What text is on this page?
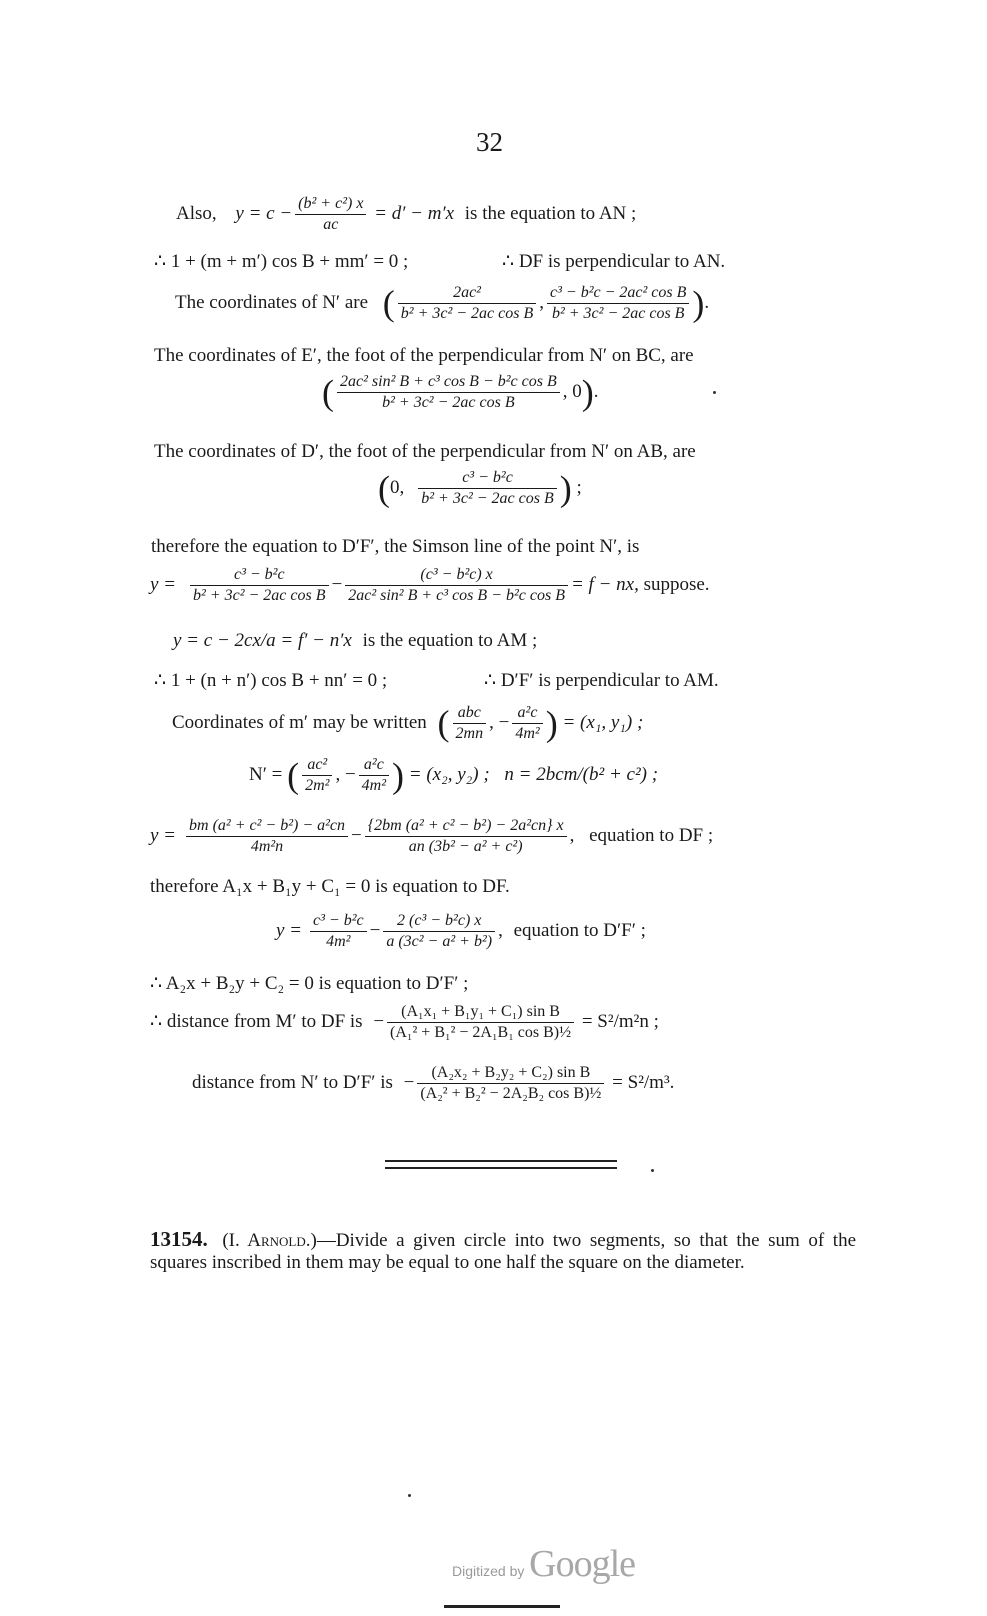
32
Also, $y = c - \frac{\text{(b² + c²) x}}{ac} = d' - m'x$ is the equation to AN ;
∴ 1 + (m + m′) cos B + mm′ = 0 ;	∴ DF is perpendicular to AN.
The coordinates of N′ are ( $\frac{\text{2ac²}}{\text{b² + 3c² − 2ac cos B}}$ , $\frac{\text{c³ − b²c − 2ac² cos B}}{\text{b² + 3c² − 2ac cos B}}$ ).
The coordinates of E′, the foot of the perpendicular from N′ on BC, are
( $\frac{\text{2ac² sin² B + c³ cos B − b²c cos B}}{\text{b² + 3c² − 2ac cos B}}$ , 0).
The coordinates of D′, the foot of the perpendicular from N′ on AB, are
(0, $\frac{\text{c³ − b²c}}{\text{b² + 3c² − 2ac cos B}}$ ) ;
therefore the equation to D′F′, the Simson line of the point N′, is
$y = \frac{\text{c³ − b²c}}{\text{b² + 3c² − 2ac cos B}} - \frac{\text{(c³ − b²c) x}}{\text{2ac² sin² B + c³ cos B − b²c cos B}} = f$ − nx, suppose.
y = c − 2cx/a = f′ − n′x is the equation to AM ;
∴ 1 + (n + n′) cos B + nn′ = 0 ;	∴ D′F′ is perpendicular to AM.
Coordinates of m′ may be written ( $\frac{\text{abc}}{2mn}$ , − $\frac{\text{a²c}}{\text{4m²}}$ ) = (x₁, y₁) ;
N′ = ( $\frac{\text{ac²}}{\text{2m²}}$ , − $\frac{\text{a²c}}{\text{4m²}}$ ) = (x₂, y₂) ; n = 2bcm/(b² + c²) ;
$y = \frac{\text{bm (a² + c² − b²) − a²cn}}{\text{4m²n}} - \frac{\text{\{2bm (a² + c² − b²) − 2a²cn\} x}}{\text{an (3b² − a² + c²)}}$ , equation to DF ;
therefore A₁x + B₁y + C₁ = 0 is equation to DF.
$y = \frac{\text{c³ − b²c}}{\text{4m²}} - \frac{\text{2 (c³ − b²c) x}}{\text{a (3c² − a² + b²)}}$ , equation to D′F′ ;
∴ A₂x + B₂y + C₂ = 0 is equation to D′F′ ;
∴ distance from M′ to DF is − $\frac{\text{(A₁x₁ + B₁y₁ + C₁) sin B}}{\text{(A₁² + B₁² − 2A₁B₁ cos B)½}} = S^2/m^2n$ ;
distance from N′ to D′F′ is − $\frac{\text{(A₂x₂ + B₂y₂ + C₂) sin B}}{\text{(A₂² + B₂² − 2A₂B₂ cos B)½}} = S^2/m^3$.
13154. (I. Arnold.)—Divide a given circle into two segments, so that the sum of the squares inscribed in them may be equal to one half the square on the diameter.
Digitized by Google
